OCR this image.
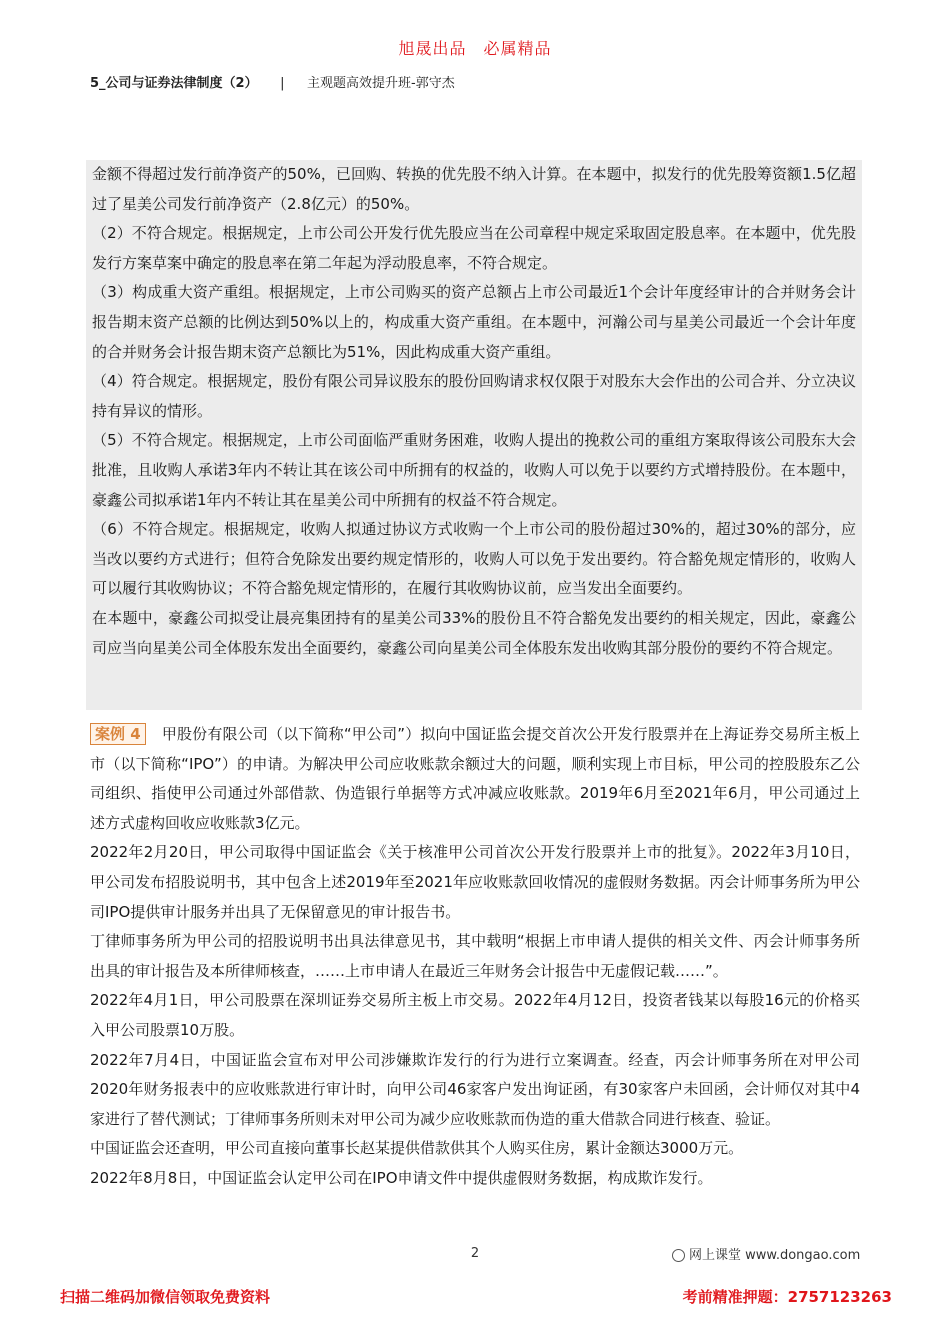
旭晟出品　必属精品
5_公司与证券法律制度（2） | 主观题高效提升班-郭守杰

金额不得超过发行前净资产的50%，已回购、转换的优先股不纳入计算。在本题中，拟发行的优先股筹资额1.5亿超过了星美公司发行前净资产（2.8亿元）的50%。

（2）不符合规定。根据规定，上市公司公开发行优先股应当在公司章程中规定采取固定股息率。在本题中，优先股发行方案草案中确定的股息率在第二年起为浮动股息率，不符合规定。

（3）构成重大资产重组。根据规定，上市公司购买的资产总额占上市公司最近1个会计年度经审计的合并财务会计报告期末资产总额的比例达到50%以上的，构成重大资产重组。在本题中，河瀚公司与星美公司最近一个会计年度的合并财务会计报告期末资产总额比为51%，因此构成重大资产重组。

（4）符合规定。根据规定，股份有限公司异议股东的股份回购请求权仅限于对股东大会作出的公司合并、分立决议持有异议的情形。

（5）不符合规定。根据规定，上市公司面临严重财务困难，收购人提出的挽救公司的重组方案取得该公司股东大会批准，且收购人承诺3年内不转让其在该公司中所拥有的权益的，收购人可以免于以要约方式增持股份。在本题中，豪鑫公司拟承诺1年内不转让其在星美公司中所拥有的权益不符合规定。

（6）不符合规定。根据规定，收购人拟通过协议方式收购一个上市公司的股份超过30%的，超过30%的部分，应当改以要约方式进行；但符合免除发出要约规定情形的，收购人可以免于发出要约。符合豁免规定情形的，收购人可以履行其收购协议；不符合豁免规定情形的，在履行其收购协议前，应当发出全面要约。

在本题中，豪鑫公司拟受让晨亮集团持有的星美公司33%的股份且不符合豁免发出要约的相关规定，因此，豪鑫公司应当向星美公司全体股东发出全面要约，豪鑫公司向星美公司全体股东发出收购其部分股份的要约不符合规定。

案例 4 甲股份有限公司（以下简称“甲公司”）拟向中国证监会提交首次公开发行股票并在上海证券交易所主板上市（以下简称“IPO”）的申请。为解决甲公司应收账款余额过大的问题，顺利实现上市目标，甲公司的控股股东乙公司组织、指使甲公司通过外部借款、伪造银行单据等方式冲减应收账款。2019年6月至2021年6月，甲公司通过上述方式虚构回收应收账款3亿元。

2022年2月20日，甲公司取得中国证监会《关于核准甲公司首次公开发行股票并上市的批复》。2022年3月10日，甲公司发布招股说明书，其中包含上述2019年至2021年应收账款回收情况的虚假财务数据。丙会计师事务所为甲公司IPO提供审计服务并出具了无保留意见的审计报告书。

丁律师事务所为甲公司的招股说明书出具法律意见书，其中载明“根据上市申请人提供的相关文件、丙会计师事务所出具的审计报告及本所律师核查，……上市申请人在最近三年财务会计报告中无虚假记载……”。

2022年4月1日，甲公司股票在深圳证券交易所主板上市交易。2022年4月12日，投资者钱某以每股16元的价格买入甲公司股票10万股。

2022年7月4日，中国证监会宣布对甲公司涉嫌欺诈发行的行为进行立案调查。经查，丙会计师事务所在对甲公司2020年财务报表中的应收账款进行审计时，向甲公司46家客户发出询证函，有30家客户未回函，会计师仅对其中4家进行了替代测试；丁律师事务所则未对甲公司为减少应收账款而伪造的重大借款合同进行核查、验证。

中国证监会还查明，甲公司直接向董事长赵某提供借款供其个人购买住房，累计金额达3000万元。

2022年8月8日，中国证监会认定甲公司在IPO申请文件中提供虚假财务数据，构成欺诈发行。

2	网上课堂 www.dongao.com
扫描二维码加微信领取免费资料	考前精准押题：2757123263
